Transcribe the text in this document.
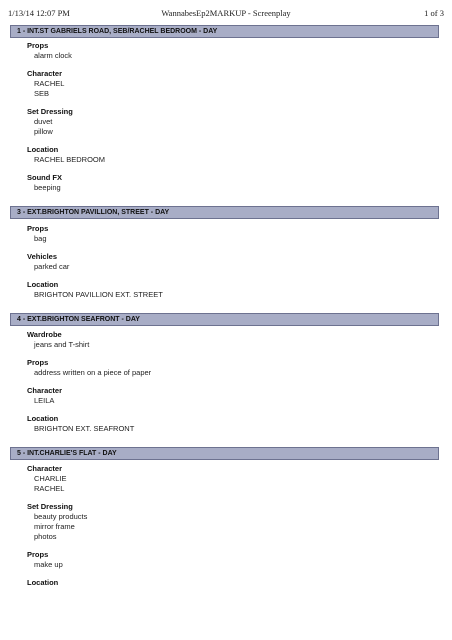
1/13/14 12:07 PM	WannabesEp2MARKUP - Screenplay	1 of 3
1 - INT.ST GABRIELS ROAD, SEB/RACHEL BEDROOM - DAY
Props
alarm clock
Character
RACHEL
SEB
Set Dressing
duvet
pillow
Location
RACHEL BEDROOM
Sound FX
beeping
3 - EXT.BRIGHTON PAVILLION, STREET - DAY
Props
bag
Vehicles
parked car
Location
BRIGHTON PAVILLION EXT. STREET
4 - EXT.BRIGHTON SEAFRONT - DAY
Wardrobe
jeans and T-shirt
Props
address written on a piece of paper
Character
LEILA
Location
BRIGHTON EXT. SEAFRONT
5 - INT.CHARLIE'S FLAT - DAY
Character
CHARLIE
RACHEL
Set Dressing
beauty products
mirror frame
photos
Props
make up
Location
